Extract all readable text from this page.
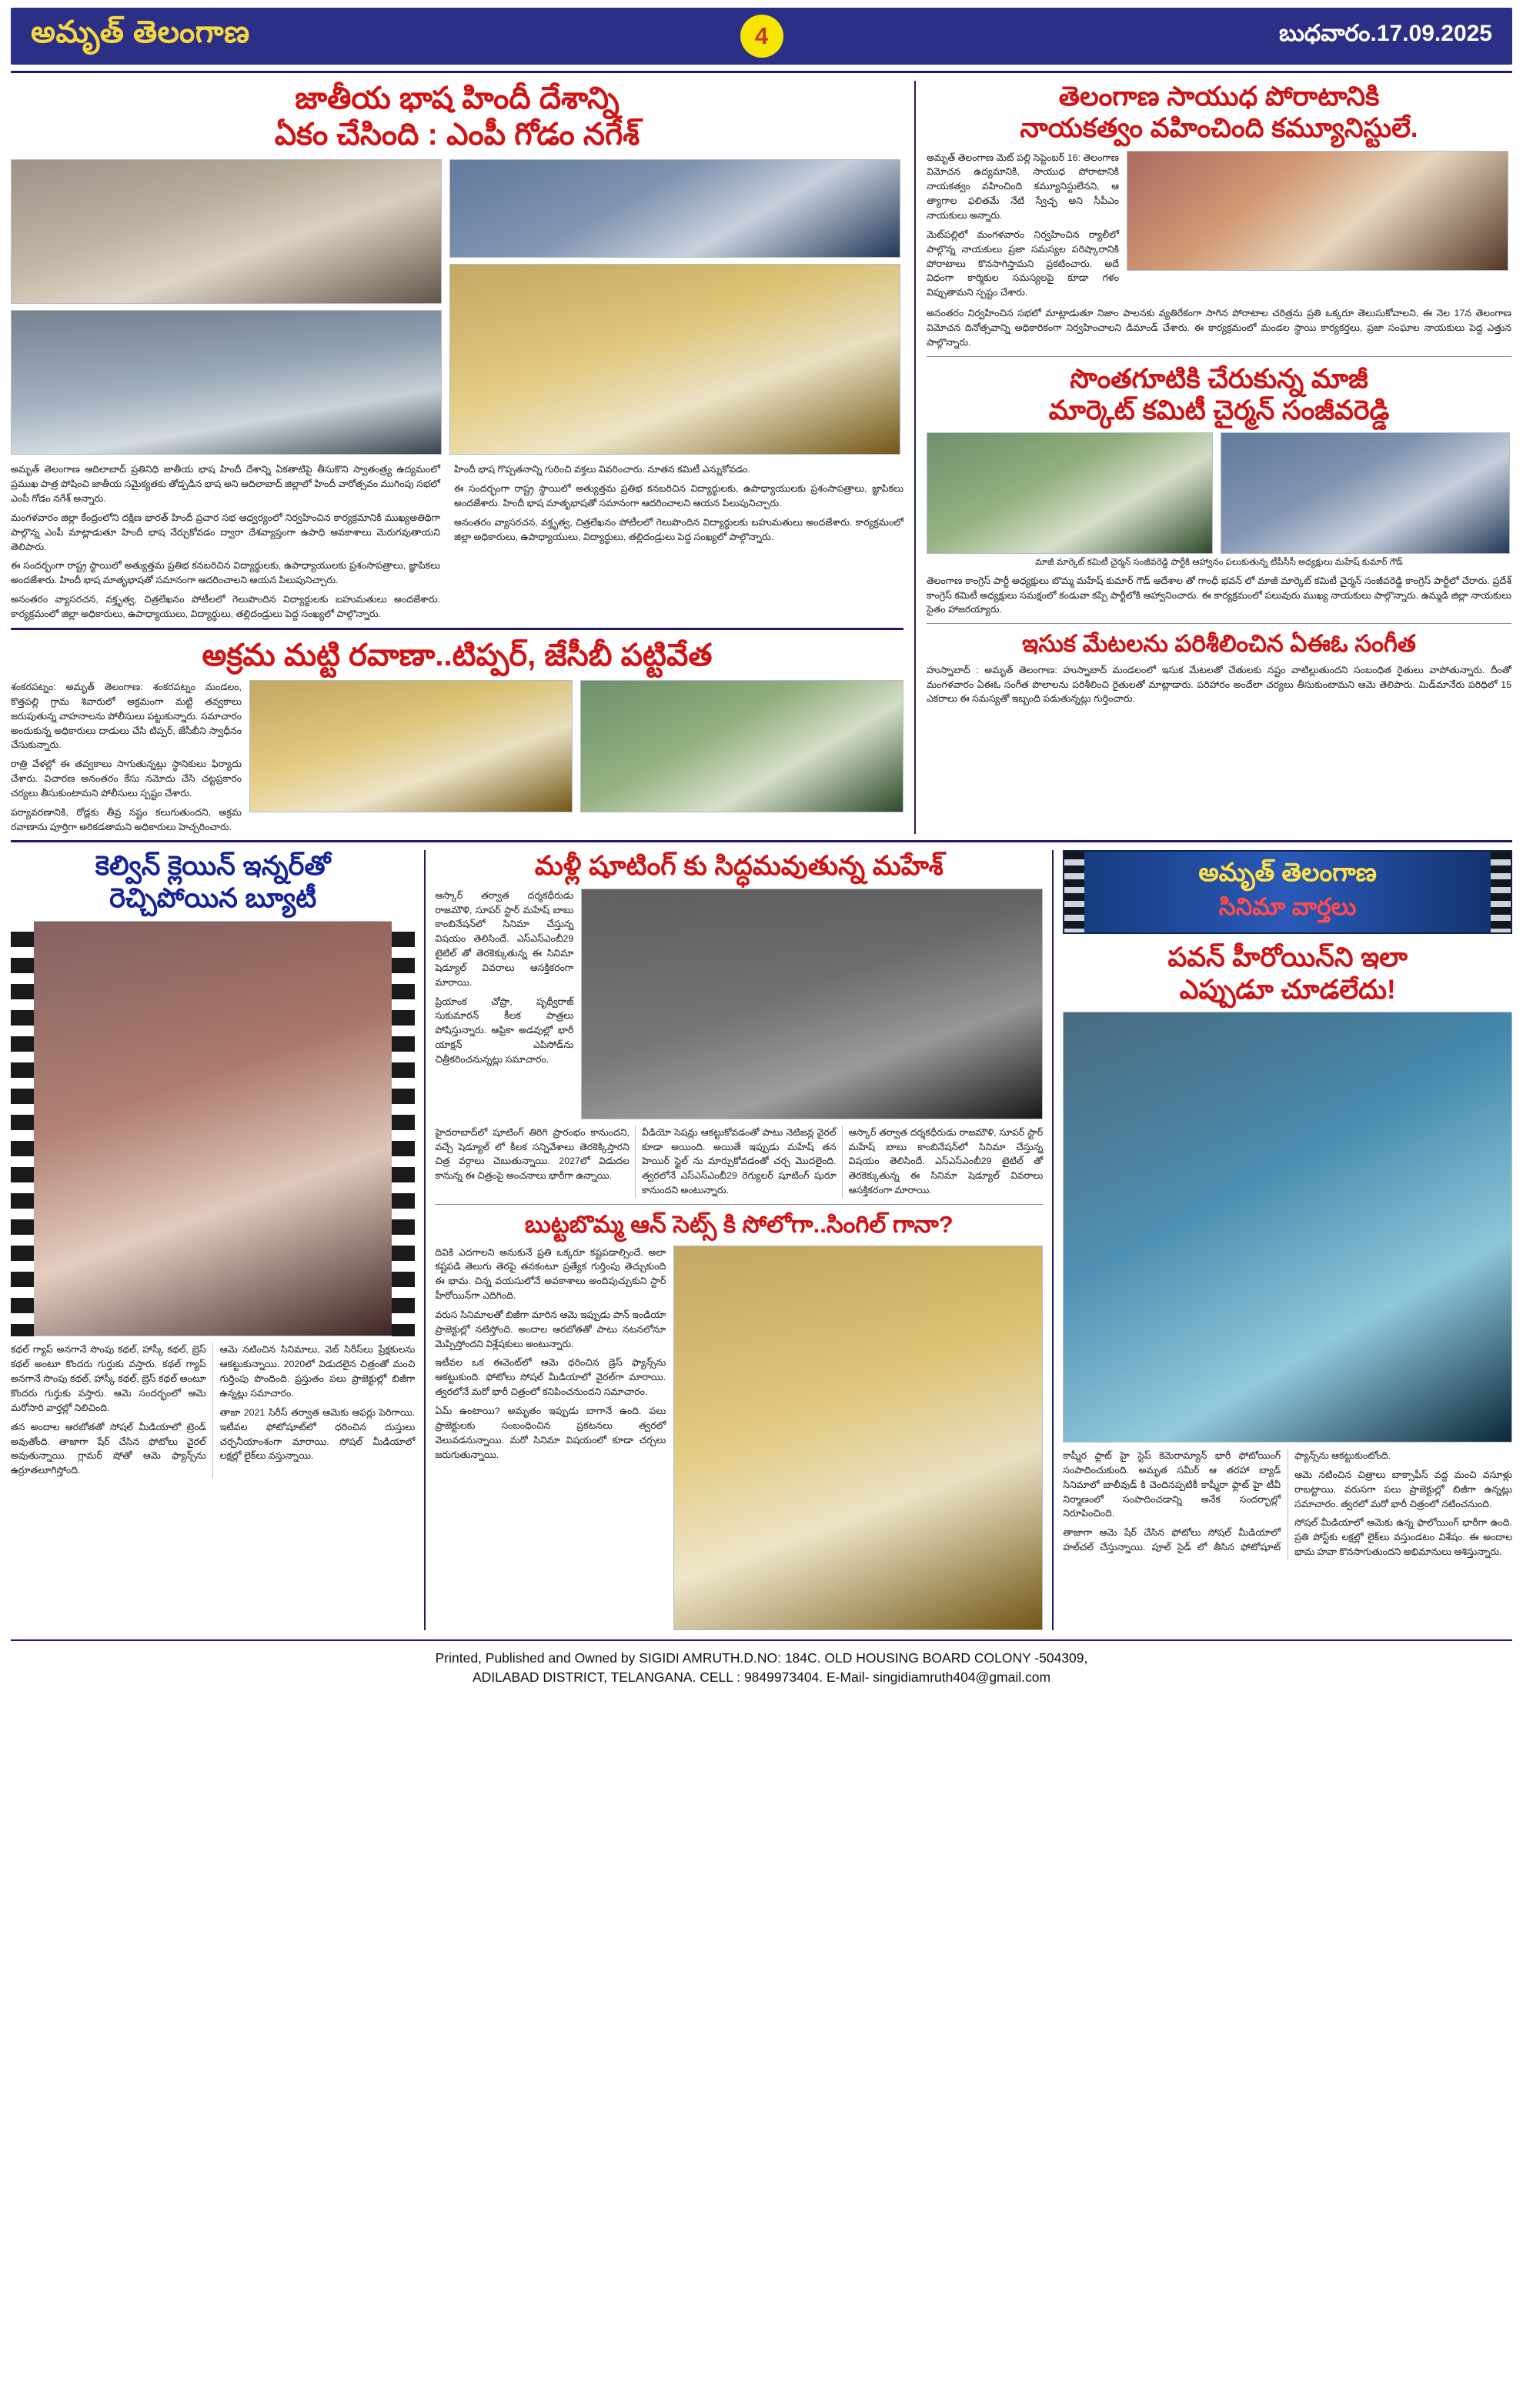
అమృత్ తెలంగాణ	4	బుధవారం.17.09.2025
జాతీయ భాష హిందీ దేశాన్ని
ఏకం చేసింది : ఎంపీ గోడం నగేశ్

అమృత్ తెలంగాణ ఆదిలాబాద్ ప్రతినిధి జాతీయ భాష హిందీ దేశాన్ని ఏకతాటిపై తీసుకొని స్వాతంత్ర్య ఉద్యమంలో ప్రముఖ పాత్ర పోషించి జాతీయ సమైక్యతకు తోడ్పడిన భాష అని ఆదిలాబాద్ జిల్లాలో హిందీ వారోత్సవం ముగింపు సభలో ఎంపీ గోడం నగేశ్ అన్నారు.

మంగళవారం జిల్లా కేంద్రంలోని దక్షిణ భారత్ హిందీ ప్రచార సభ ఆధ్వర్యంలో నిర్వహించిన కార్యక్రమానికి ముఖ్యఅతిథిగా పాల్గొన్న ఎంపీ మాట్లాడుతూ హిందీ భాష నేర్చుకోవడం ద్వారా దేశవ్యాప్తంగా ఉపాధి అవకాశాలు మెరుగవుతాయని తెలిపారు.

ఈ సందర్భంగా రాష్ట్ర స్థాయిలో అత్యుత్తమ ప్రతిభ కనబరిచిన విద్యార్థులకు, ఉపాధ్యాయులకు ప్రశంసాపత్రాలు, జ్ఞాపికలు అందజేశారు. హిందీ భాష మాతృభాషతో సమానంగా ఆదరించాలని ఆయన పిలుపునిచ్చారు.

అనంతరం వ్యాసరచన, వక్తృత్వ, చిత్రలేఖనం పోటీలలో గెలుపొందిన విద్యార్థులకు బహుమతులు అందజేశారు. కార్యక్రమంలో జిల్లా అధికారులు, ఉపాధ్యాయులు, విద్యార్థులు, తల్లిదండ్రులు పెద్ద సంఖ్యలో పాల్గొన్నారు.

హిందీ భాష గొప్పతనాన్ని గురించి వక్తలు వివరించారు. నూతన కమిటీ ఎన్నుకోవడం.

ఈ సందర్భంగా రాష్ట్ర స్థాయిలో అత్యుత్తమ ప్రతిభ కనబరిచిన విద్యార్థులకు, ఉపాధ్యాయులకు ప్రశంసాపత్రాలు, జ్ఞాపికలు అందజేశారు. హిందీ భాష మాతృభాషతో సమానంగా ఆదరించాలని ఆయన పిలుపునిచ్చారు.

అనంతరం వ్యాసరచన, వక్తృత్వ, చిత్రలేఖనం పోటీలలో గెలుపొందిన విద్యార్థులకు బహుమతులు అందజేశారు. కార్యక్రమంలో జిల్లా అధికారులు, ఉపాధ్యాయులు, విద్యార్థులు, తల్లిదండ్రులు పెద్ద సంఖ్యలో పాల్గొన్నారు.

అక్రమ మట్టి రవాణా..టిప్పర్, జేసీబీ పట్టివేత

శంకరపట్నం: అమృత్ తెలంగాణ: శంకరపట్నం మండలం, కొత్తపల్లి గ్రామ శివారులో అక్రమంగా మట్టి తవ్వకాలు జరుపుతున్న వాహనాలను పోలీసులు పట్టుకున్నారు. సమాచారం అందుకున్న అధికారులు దాడులు చేసి టిప్పర్, జేసీబీని స్వాధీనం చేసుకున్నారు.

రాత్రి వేళల్లో ఈ తవ్వకాలు సాగుతున్నట్లు స్థానికులు ఫిర్యాదు చేశారు. విచారణ అనంతరం కేసు నమోదు చేసి చట్టప్రకారం చర్యలు తీసుకుంటామని పోలీసులు స్పష్టం చేశారు.

పర్యావరణానికి, రోడ్లకు తీవ్ర నష్టం కలుగుతుందని, అక్రమ రవాణాను పూర్తిగా అరికడతామని అధికారులు హెచ్చరించారు.

తెలంగాణ సాయుధ పోరాటానికి
నాయకత్వం వహించింది కమ్యూనిస్టులే.

అమృత్ తెలంగాణ మెట్ పల్లి సెప్టెంబర్ 16: తెలంగాణ విమోచన ఉద్యమానికి, సాయుధ పోరాటానికి నాయకత్వం వహించింది కమ్యూనిస్టులేనని, ఆ త్యాగాల ఫలితమే నేటి స్వేచ్ఛ అని సీపీఎం నాయకులు అన్నారు.

మెట్‌పల్లిలో మంగళవారం నిర్వహించిన ర్యాలీలో పాల్గొన్న నాయకులు ప్రజా సమస్యల పరిష్కారానికి పోరాటాలు కొనసాగిస్తామని ప్రకటించారు. అదే విధంగా కార్మికుల సమస్యలపై కూడా గళం విప్పుతామని స్పష్టం చేశారు.

అనంతరం నిర్వహించిన సభలో మాట్లాడుతూ నిజాం పాలనకు వ్యతిరేకంగా సాగిన పోరాటాల చరిత్రను ప్రతి ఒక్కరూ తెలుసుకోవాలని, ఈ నెల 17న తెలంగాణ విమోచన దినోత్సవాన్ని అధికారికంగా నిర్వహించాలని డిమాండ్ చేశారు. ఈ కార్యక్రమంలో మండల స్థాయి కార్యకర్తలు, ప్రజా సంఘాల నాయకులు పెద్ద ఎత్తున పాల్గొన్నారు.

సొంతగూటికి చేరుకున్న మాజీ
మార్కెట్ కమిటీ చైర్మన్ సంజీవరెడ్డి
మాజీ మార్కెట్ కమిటీ చైర్మన్ సంజీవరెడ్డి పార్టీకి ఆహ్వానం పలుకుతున్న టీపీసీసీ అధ్యక్షులు మహేష్ కుమార్ గౌడ్

తెలంగాణ కాంగ్రెస్ పార్టీ అధ్యక్షులు బొమ్మ మహేష్ కుమార్ గౌడ్ ఆదేశాల తో గాంధీ భవన్ లో మాజీ మార్కెట్ కమిటీ చైర్మన్ సంజీవరెడ్డి కాంగ్రెస్ పార్టీలో చేరారు. ప్రదేశ్ కాంగ్రెస్ కమిటీ అధ్యక్షులు సమక్షంలో కండువా కప్పి పార్టీలోకి ఆహ్వానించారు. ఈ కార్యక్రమంలో పలువురు ముఖ్య నాయకులు పాల్గొన్నారు. ఉమ్మడి జిల్లా నాయకులు సైతం హాజరయ్యారు.

ఇసుక మేటలను పరిశీలించిన ఏఈఓ సంగీత

హుస్నాబాద్ : అమృత్ తెలంగాణ: హుస్నాబాద్ మండలంలో ఇసుక మేటలతో చేతులకు నష్టం వాటిల్లుతుందని సంబంధిత రైతులు వాపోతున్నారు. దీంతో మంగళవారం ఏఈఓ సంగీత పొలాలను పరిశీలించి రైతులతో మాట్లాడారు. పరిహారం అందేలా చర్యలు తీసుకుంటామని ఆమె తెలిపారు. మిడ్‌మానేరు పరిధిలో 15 ఎకరాలు ఈ సమస్యతో ఇబ్బంది పడుతున్నట్లు గుర్తించారు.

కెల్విన్ క్లెయిన్ ఇన్నర్‌తో
రెచ్చిపోయిన బ్యూటీ

కథల్ గ్యాప్ అనగానే సొంపు కథల్, హాస్కీ కథల్, బ్రెస్ కథల్ అంటూ కొందరు గుర్తుకు వస్తారు. కథల్ గ్యాప్ అనగానే సొంపు కథల్, హాస్కీ కథల్, బ్రెస్ కథల్ అంటూ కొందరు గుర్తుకు వస్తారు. ఆమె సందర్భంలో ఆమె మరోసారి వార్తల్లో నిలిచింది.

తన అందాల ఆరబోతతో సోషల్ మీడియాలో ట్రెండ్ అవుతోంది. తాజాగా షేర్ చేసిన ఫోటోలు వైరల్ అవుతున్నాయి. గ్లామర్ షోతో ఆమె ఫ్యాన్స్‌ను ఉర్రూతలూగిస్తోంది.

ఆమె నటించిన సినిమాలు, వెబ్ సిరీస్‌లు ప్రేక్షకులను ఆకట్టుకున్నాయి. 2020లో విడుదలైన చిత్రంతో మంచి గుర్తింపు పొందింది. ప్రస్తుతం పలు ప్రాజెక్టుల్లో బిజీగా ఉన్నట్లు సమాచారం.

తాజా 2021 సిరీస్ తర్వాత ఆమెకు ఆఫర్లు పెరిగాయి. ఇటీవల ఫోటోషూట్‌లో ధరించిన దుస్తులు చర్చనీయాంశంగా మారాయి. సోషల్ మీడియాలో లక్షల్లో లైక్‌లు వస్తున్నాయి.

మళ్లీ షూటింగ్ కు సిద్ధమవుతున్న మహేశ్

ఆస్కార్ తర్వాత దర్శకధీరుడు రాజమౌళి, సూపర్ స్టార్ మహేష్ బాబు కాంబినేషన్‌లో సినిమా చేస్తున్న విషయం తెలిసిందే. ఎస్ఎస్ఎంబీ29 టైటిల్ తో తెరకెక్కుతున్న ఈ సినిమా షెడ్యూల్ వివరాలు ఆసక్తికరంగా మారాయి.

ప్రియాంక చోప్రా, పృథ్వీరాజ్ సుకుమారన్ కీలక పాత్రలు పోషిస్తున్నారు. ఆఫ్రికా అడవుల్లో భారీ యాక్షన్ ఎపిసోడ్‌ను చిత్రీకరించనున్నట్లు సమాచారం.

హైదరాబాద్‌లో షూటింగ్ తిరిగి ప్రారంభం కానుందని, వచ్చే షెడ్యూల్ లో కీలక సన్నివేశాలు తెరకెక్కిస్తారని చిత్ర వర్గాలు చెబుతున్నాయి. 2027లో విడుదల కానున్న ఈ చిత్రంపై అంచనాలు భారీగా ఉన్నాయి.

వీడియో సెషన్లు ఆకట్టుకోవడంతో పాటు నెటిజన్ల వైరల్ కూడా అయింది. అయితే ఇప్పుడు మహేష్ తన హెయిర్ స్టైల్ ను మార్చుకోవడంతో చర్చ మొదలైంది. త్వరలోనే ఎస్ఎస్ఎంబీ29 రెగ్యులర్ షూటింగ్ షురూ కానుందని అంటున్నారు.

ఆస్కార్ తర్వాత దర్శకధీరుడు రాజమౌళి, సూపర్ స్టార్ మహేష్ బాబు కాంబినేషన్‌లో సినిమా చేస్తున్న విషయం తెలిసిందే. ఎస్ఎస్ఎంబీ29 టైటిల్ తో తెరకెక్కుతున్న ఈ సినిమా షెడ్యూల్ వివరాలు ఆసక్తికరంగా మారాయి.

బుట్టబొమ్మ ఆన్ సెట్స్ కి సోలోగా..సింగిల్ గానా?

దివికి ఎదగాలని అనుకునే ప్రతి ఒక్కరూ కష్టపడాల్సిందే. అలా కష్టపడి తెలుగు తెరపై తనకంటూ ప్రత్యేక గుర్తింపు తెచ్చుకుంది ఈ భామ. చిన్న వయసులోనే అవకాశాలు అందిపుచ్చుకుని స్టార్ హీరోయిన్‌గా ఎదిగింది.

వరుస సినిమాలతో బిజీగా మారిన ఆమె ఇప్పుడు పాన్ ఇండియా ప్రాజెక్టుల్లో నటిస్తోంది. అందాల ఆరబోతతో పాటు నటనలోనూ మెప్పిస్తోందని విశ్లేషకులు అంటున్నారు.

ఇటీవల ఒక ఈవెంట్‌లో ఆమె ధరించిన డ్రెస్ ఫ్యాన్స్‌ను ఆకట్టుకుంది. ఫోటోలు సోషల్ మీడియాలో వైరల్‌గా మారాయి. త్వరలోనే మరో భారీ చిత్రంలో కనిపించనుందని సమాచారం.

ఏమ్ ఉంటాయి? అమృతం ఇప్పుడు బాగానే ఉంది. పలు ప్రాజెక్టులకు సంబంధించిన ప్రకటనలు త్వరలో వెలువడనున్నాయి. మరో సినిమా విషయంలో కూడా చర్చలు జరుగుతున్నాయి.

అమృత్ తెలంగాణ
సినిమా వార్తలు
పవన్ హీరోయిన్‌ని ఇలా
ఎప్పుడూ చూడలేదు!

కాష్మీర ఫ్లాట్ హై స్టెప్ కెమెరామ్యాన్ భారీ ఫోటోయింగ్ సంపాదించుకుంది. అమృత సమీర్ ఆ తరహా బ్యాడ్ సినిమాలో బాలీవుడ్ కి చెందినప్పటికీ కాష్మీరా ఫ్లాట్ హై టీవీ నిర్మాణంలో సంపాదించడాన్ని అనేక సందర్భాల్లో నిరూపించింది.

తాజాగా ఆమె షేర్ చేసిన ఫోటోలు సోషల్ మీడియాలో హల్‌చల్ చేస్తున్నాయి. పూల్ సైడ్ లో తీసిన ఫోటోషూట్ ఫ్యాన్స్‌ను ఆకట్టుకుంటోంది.

ఆమె నటించిన చిత్రాలు బాక్సాఫీస్ వద్ద మంచి వసూళ్లు రాబట్టాయి. వరుసగా పలు ప్రాజెక్టుల్లో బిజీగా ఉన్నట్లు సమాచారం. త్వరలో మరో భారీ చిత్రంలో నటించనుంది.

సోషల్ మీడియాలో ఆమెకు ఉన్న ఫాలోయింగ్ భారీగా ఉంది. ప్రతి పోస్ట్‌కు లక్షల్లో లైక్‌లు వస్తుండటం విశేషం. ఈ అందాల భామ హవా కొనసాగుతుందని అభిమానులు ఆశిస్తున్నారు.

Printed, Published and Owned by SIGIDI AMRUTH.D.NO: 184C. OLD HOUSING BOARD COLONY -504309,
ADILABAD DISTRICT, TELANGANA. CELL : 9849973404. E-Mail- singidiamruth404@gmail.com
